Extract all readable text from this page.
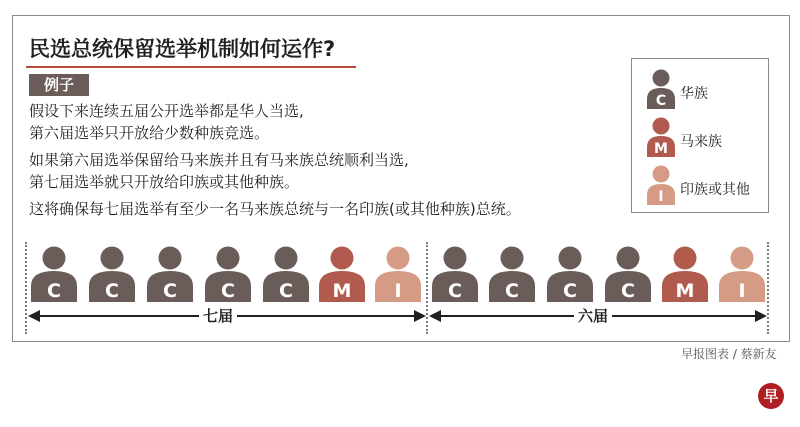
民选总统保留选举机制如何运作?
例子
假设下来连续五届公开选举都是华人当选,
第六届选举只开放给少数种族竞选。
如果第六届选举保留给马来族并且有马来族总统顺利当选,
第七届选举就只开放给印族或其他种族。
这将确保每七届选举有至少一名马来族总统与一名印族(或其他种族)总统。
C 华族
M 马来族
I 印族或其他
C C C C C M I C C C C M I
七届	六届
早报图表 / 蔡新友
早
